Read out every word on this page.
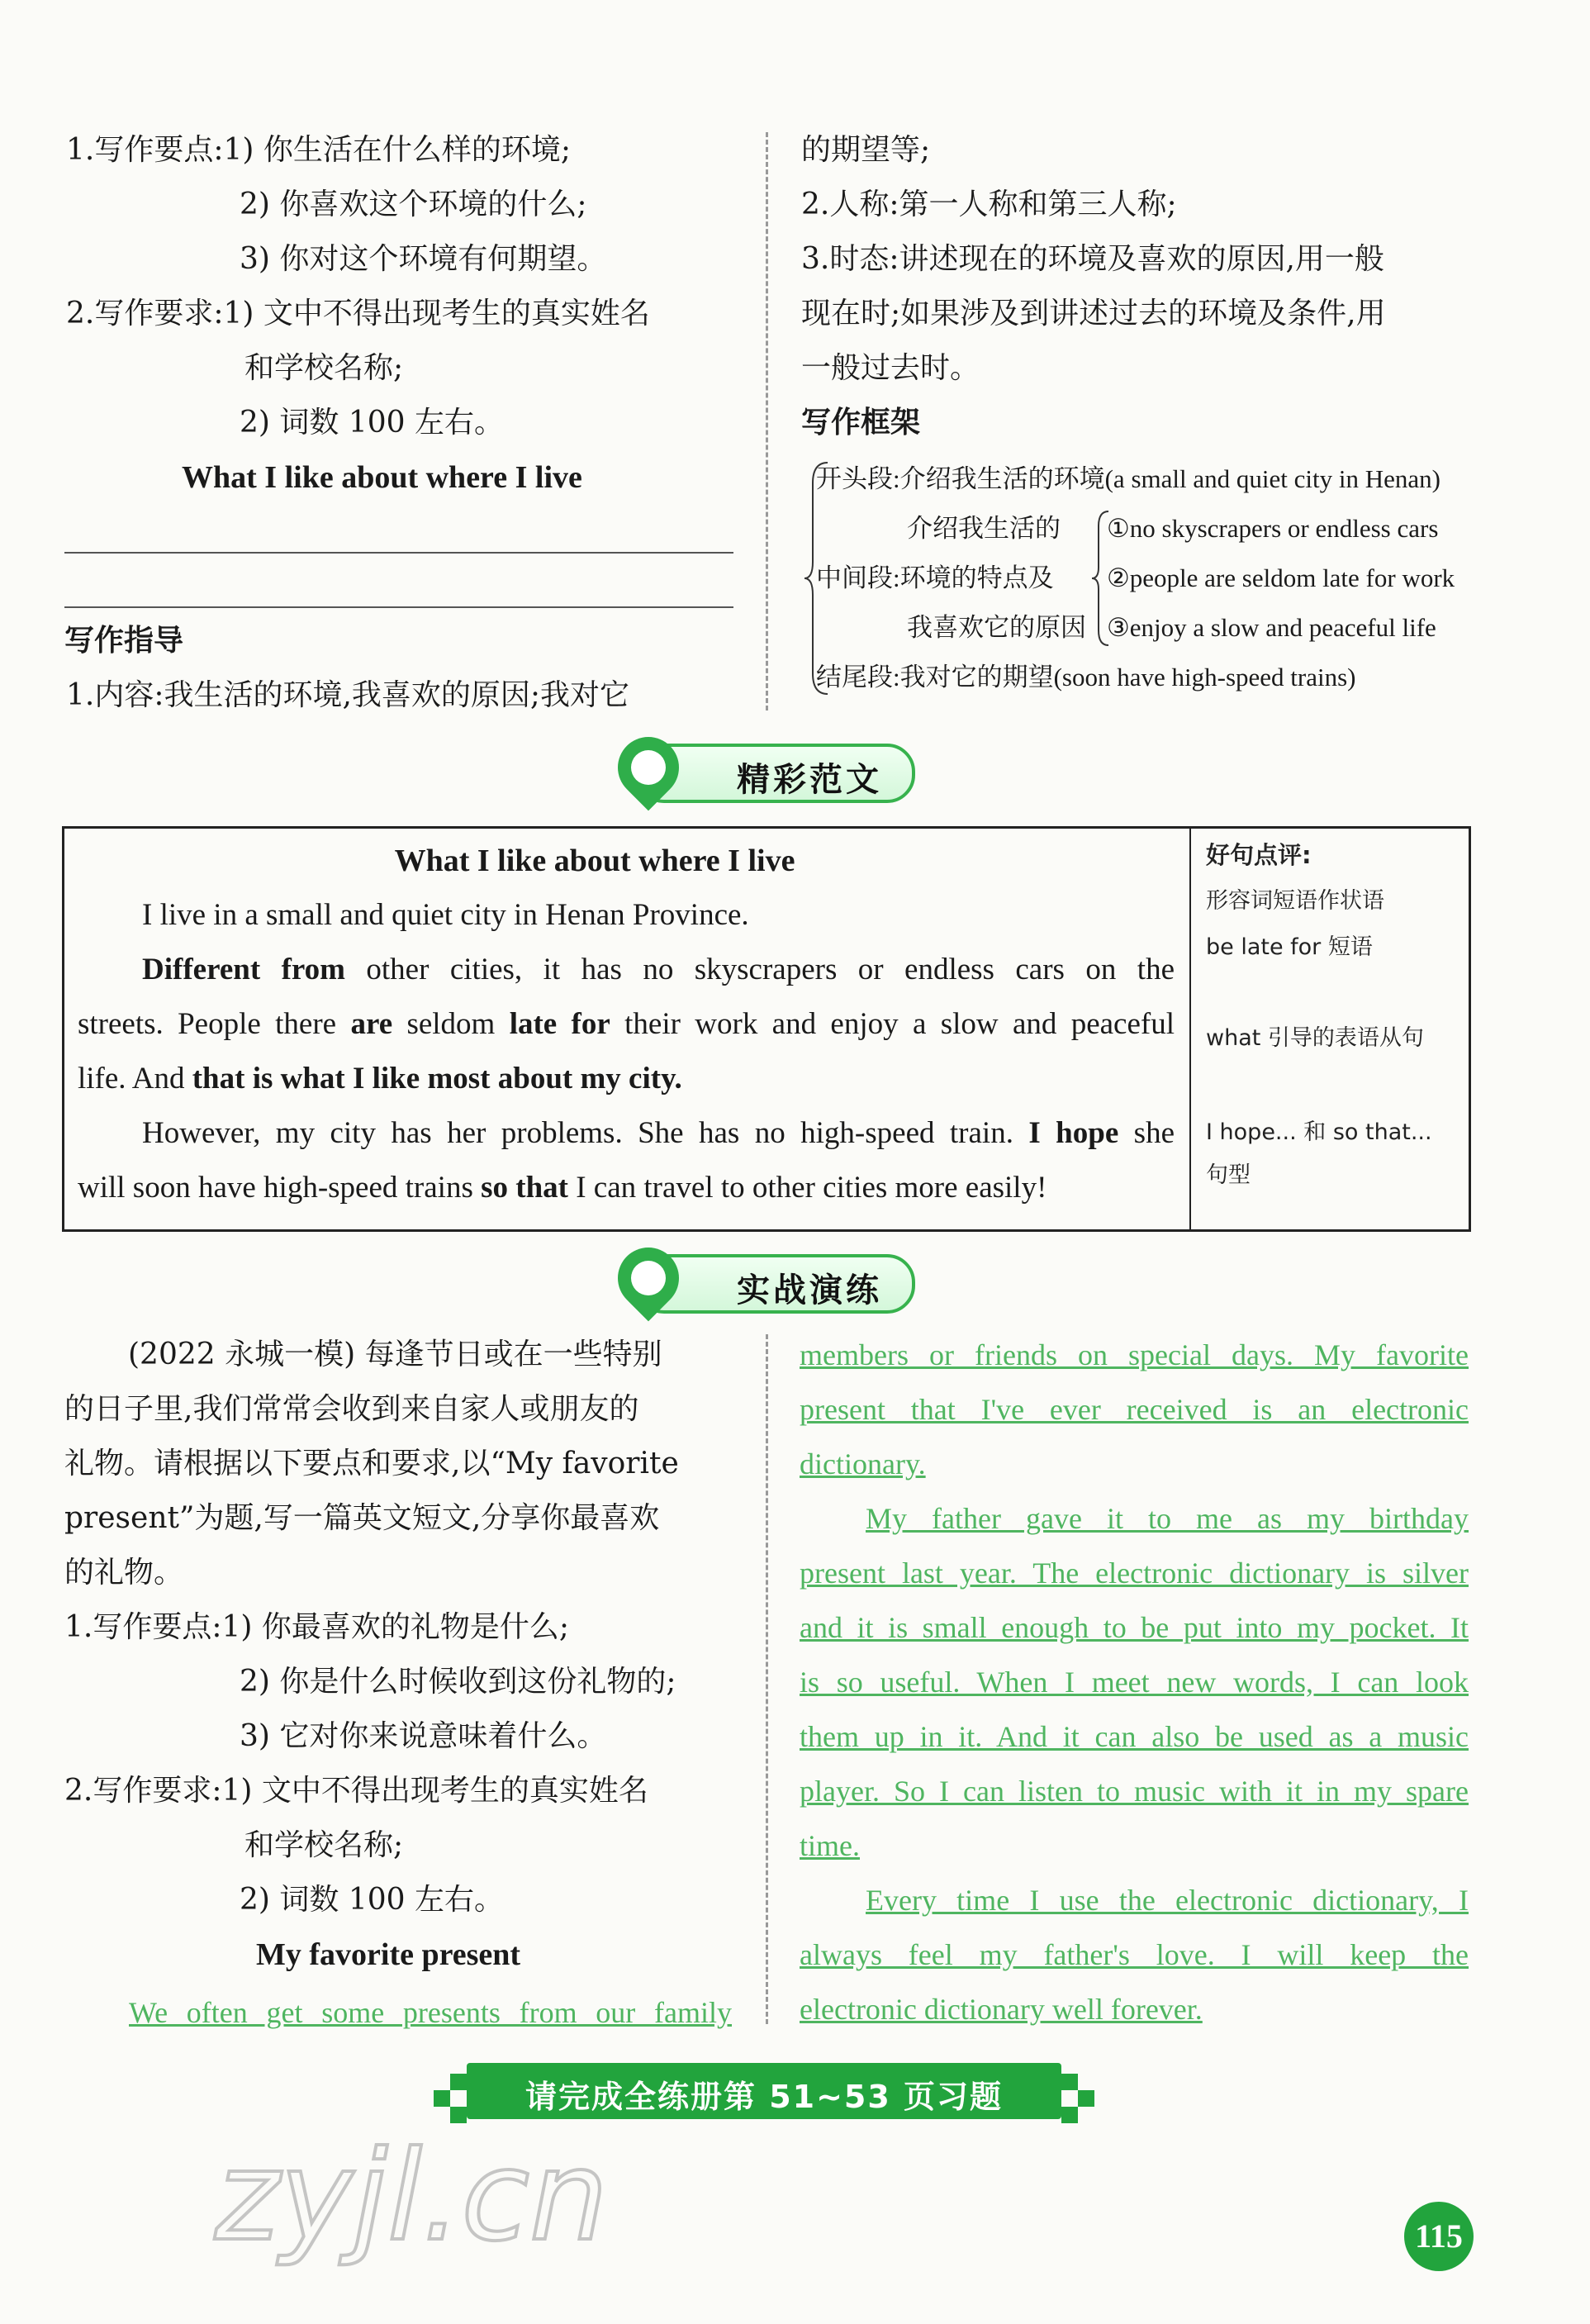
1.写作要点:1) 你生活在什么样的环境;
2) 你喜欢这个环境的什么;
3) 你对这个环境有何期望。
2.写作要求:1) 文中不得出现考生的真实姓名
和学校名称;
2) 词数 100 左右。
What I like about where I live
写作指导
1.内容:我生活的环境,我喜欢的原因;我对它
的期望等;
2.人称:第一人称和第三人称;
3.时态:讲述现在的环境及喜欢的原因,用一般
现在时;如果涉及到讲述过去的环境及条件,用
一般过去时。
写作框架
开头段:介绍我生活的环境(a small and quiet city in Henan)
介绍我生活的
中间段:环境的特点及
我喜欢它的原因
①no skyscrapers or endless cars
②people are seldom late for work
③enjoy a slow and peaceful life
结尾段:我对它的期望(soon have high-speed trains)
精彩范文
What I like about where I live
I live in a small and quiet city in Henan Province.
Different from other cities, it has no skyscrapers or endless cars on the
streets. People there are seldom late for their work and enjoy a slow and peaceful
life. And that is what I like most about my city.
However, my city has her problems. She has no high-speed train. I hope she
will soon have high-speed trains so that I can travel to other cities more easily!
好句点评:
形容词短语作状语
be late for 短语
what 引导的表语从句
I hope... 和 so that...
句型
实战演练
(2022 永城一模) 每逢节日或在一些特别
的日子里,我们常常会收到来自家人或朋友的
礼物。请根据以下要点和要求,以“My favorite
present”为题,写一篇英文短文,分享你最喜欢
的礼物。
1.写作要点:1) 你最喜欢的礼物是什么;
2) 你是什么时候收到这份礼物的;
3) 它对你来说意味着什么。
2.写作要求:1) 文中不得出现考生的真实姓名
和学校名称;
2) 词数 100 左右。
My favorite present
We often get some presents from our family
members or friends on special days. My favorite
present that I've ever received is an electronic
dictionary.
My father gave it to me as my birthday
present last year. The electronic dictionary is silver
and it is small enough to be put into my pocket. It
is so useful. When I meet new words, I can look
them up in it. And it can also be used as a music
player. So I can listen to music with it in my spare
time.
Every time I use the electronic dictionary, I
always feel my father's love. I will keep the
electronic dictionary well forever.
请完成全练册第 51~53 页习题
zyjl.cn	115
